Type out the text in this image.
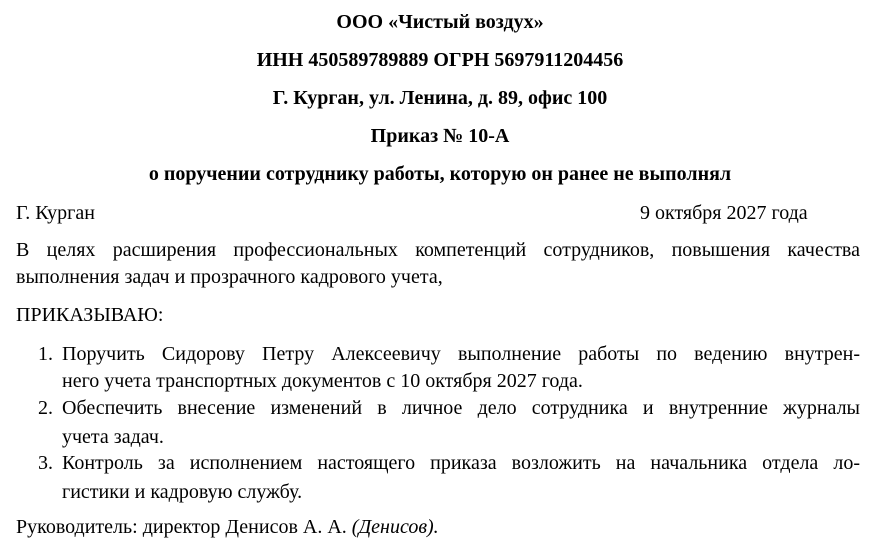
ООО «Чистый воздух»
ИНН 450589789889 ОГРН 5697911204456
Г. Курган, ул. Ленина, д. 89, офис 100
Приказ № 10-А
о поручении сотруднику работы, которую он ранее не выполнял
Г. Курган	9 октября 2027 года
В целях расширения профессиональных компетенций сотрудников, повышения качества
выполнения задач и прозрачного кадрового учета,
ПРИКАЗЫВАЮ:
1. Поручить Сидорову Петру Алексеевичу выполнение работы по ведению внутрен-
него учета транспортных документов с 10 октября 2027 года.
2. Обеспечить внесение изменений в личное дело сотрудника и внутренние журналы
учета задач.
3. Контроль за исполнением настоящего приказа возложить на начальника отдела ло-
гистики и кадровую службу.
Руководитель: директор Денисов А. А. (Денисов).
